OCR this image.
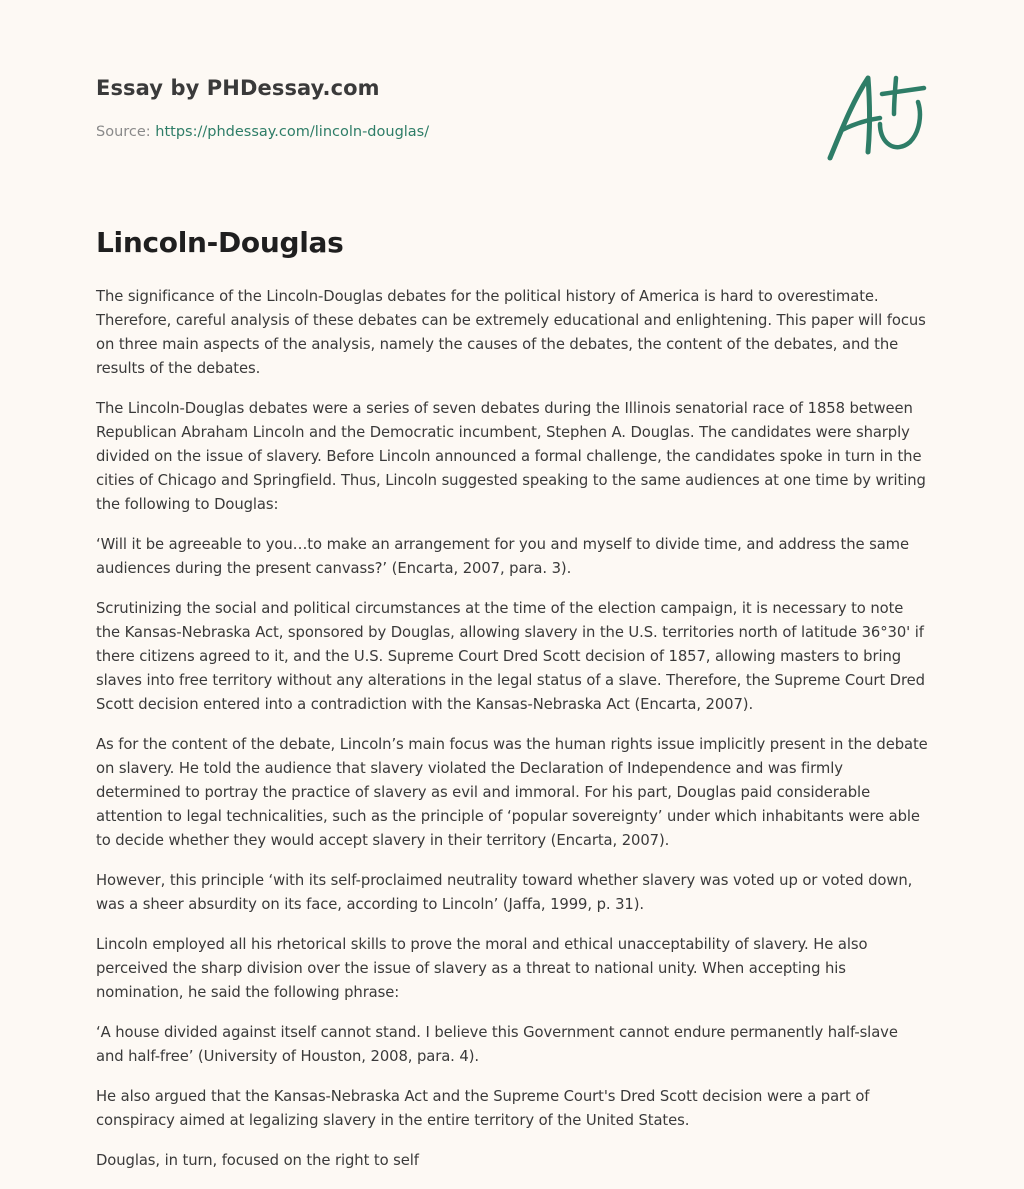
Essay by PHDessay.com
Source: https://phdessay.com/lincoln-douglas/
Lincoln-Douglas

The significance of the Lincoln-Douglas debates for the political history of America is hard to overestimate. Therefore, careful analysis of these debates can be extremely educational and enlightening. This paper will focus on three main aspects of the analysis, namely the causes of the debates, the content of the debates, and the results of the debates.

The Lincoln-Douglas debates were a series of seven debates during the Illinois senatorial race of 1858 between Republican Abraham Lincoln and the Democratic incumbent, Stephen A. Douglas. The candidates were sharply divided on the issue of slavery. Before Lincoln announced a formal challenge, the candidates spoke in turn in the cities of Chicago and Springfield. Thus, Lincoln suggested speaking to the same audiences at one time by writing the following to Douglas:

‘Will it be agreeable to you…to make an arrangement for you and myself to divide time, and address the same audiences during the present canvass?’ (Encarta, 2007, para. 3).

Scrutinizing the social and political circumstances at the time of the election campaign, it is necessary to note the Kansas-Nebraska Act, sponsored by Douglas, allowing slavery in the U.S. territories north of latitude 36°30' if there citizens agreed to it, and the U.S. Supreme Court Dred Scott decision of 1857, allowing masters to bring slaves into free territory without any alterations in the legal status of a slave. Therefore, the Supreme Court Dred Scott decision entered into a contradiction with the Kansas-Nebraska Act (Encarta, 2007).

As for the content of the debate, Lincoln’s main focus was the human rights issue implicitly present in the debate on slavery. He told the audience that slavery violated the Declaration of Independence and was firmly determined to portray the practice of slavery as evil and immoral. For his part, Douglas paid considerable attention to legal technicalities, such as the principle of ‘popular sovereignty’ under which inhabitants were able to decide whether they would accept slavery in their territory (Encarta, 2007).

However, this principle ‘with its self-proclaimed neutrality toward whether slavery was voted up or voted down, was a sheer absurdity on its face, according to Lincoln’ (Jaffa, 1999, p. 31).

Lincoln employed all his rhetorical skills to prove the moral and ethical unacceptability of slavery. He also perceived the sharp division over the issue of slavery as a threat to national unity. When accepting his nomination, he said the following phrase:

‘A house divided against itself cannot stand. I believe this Government cannot endure permanently half-slave and half-free’ (University of Houston, 2008, para. 4).

He also argued that the Kansas-Nebraska Act and the Supreme Court's Dred Scott decision were a part of conspiracy aimed at legalizing slavery in the entire territory of the United States.

Douglas, in turn, focused on the right to self
